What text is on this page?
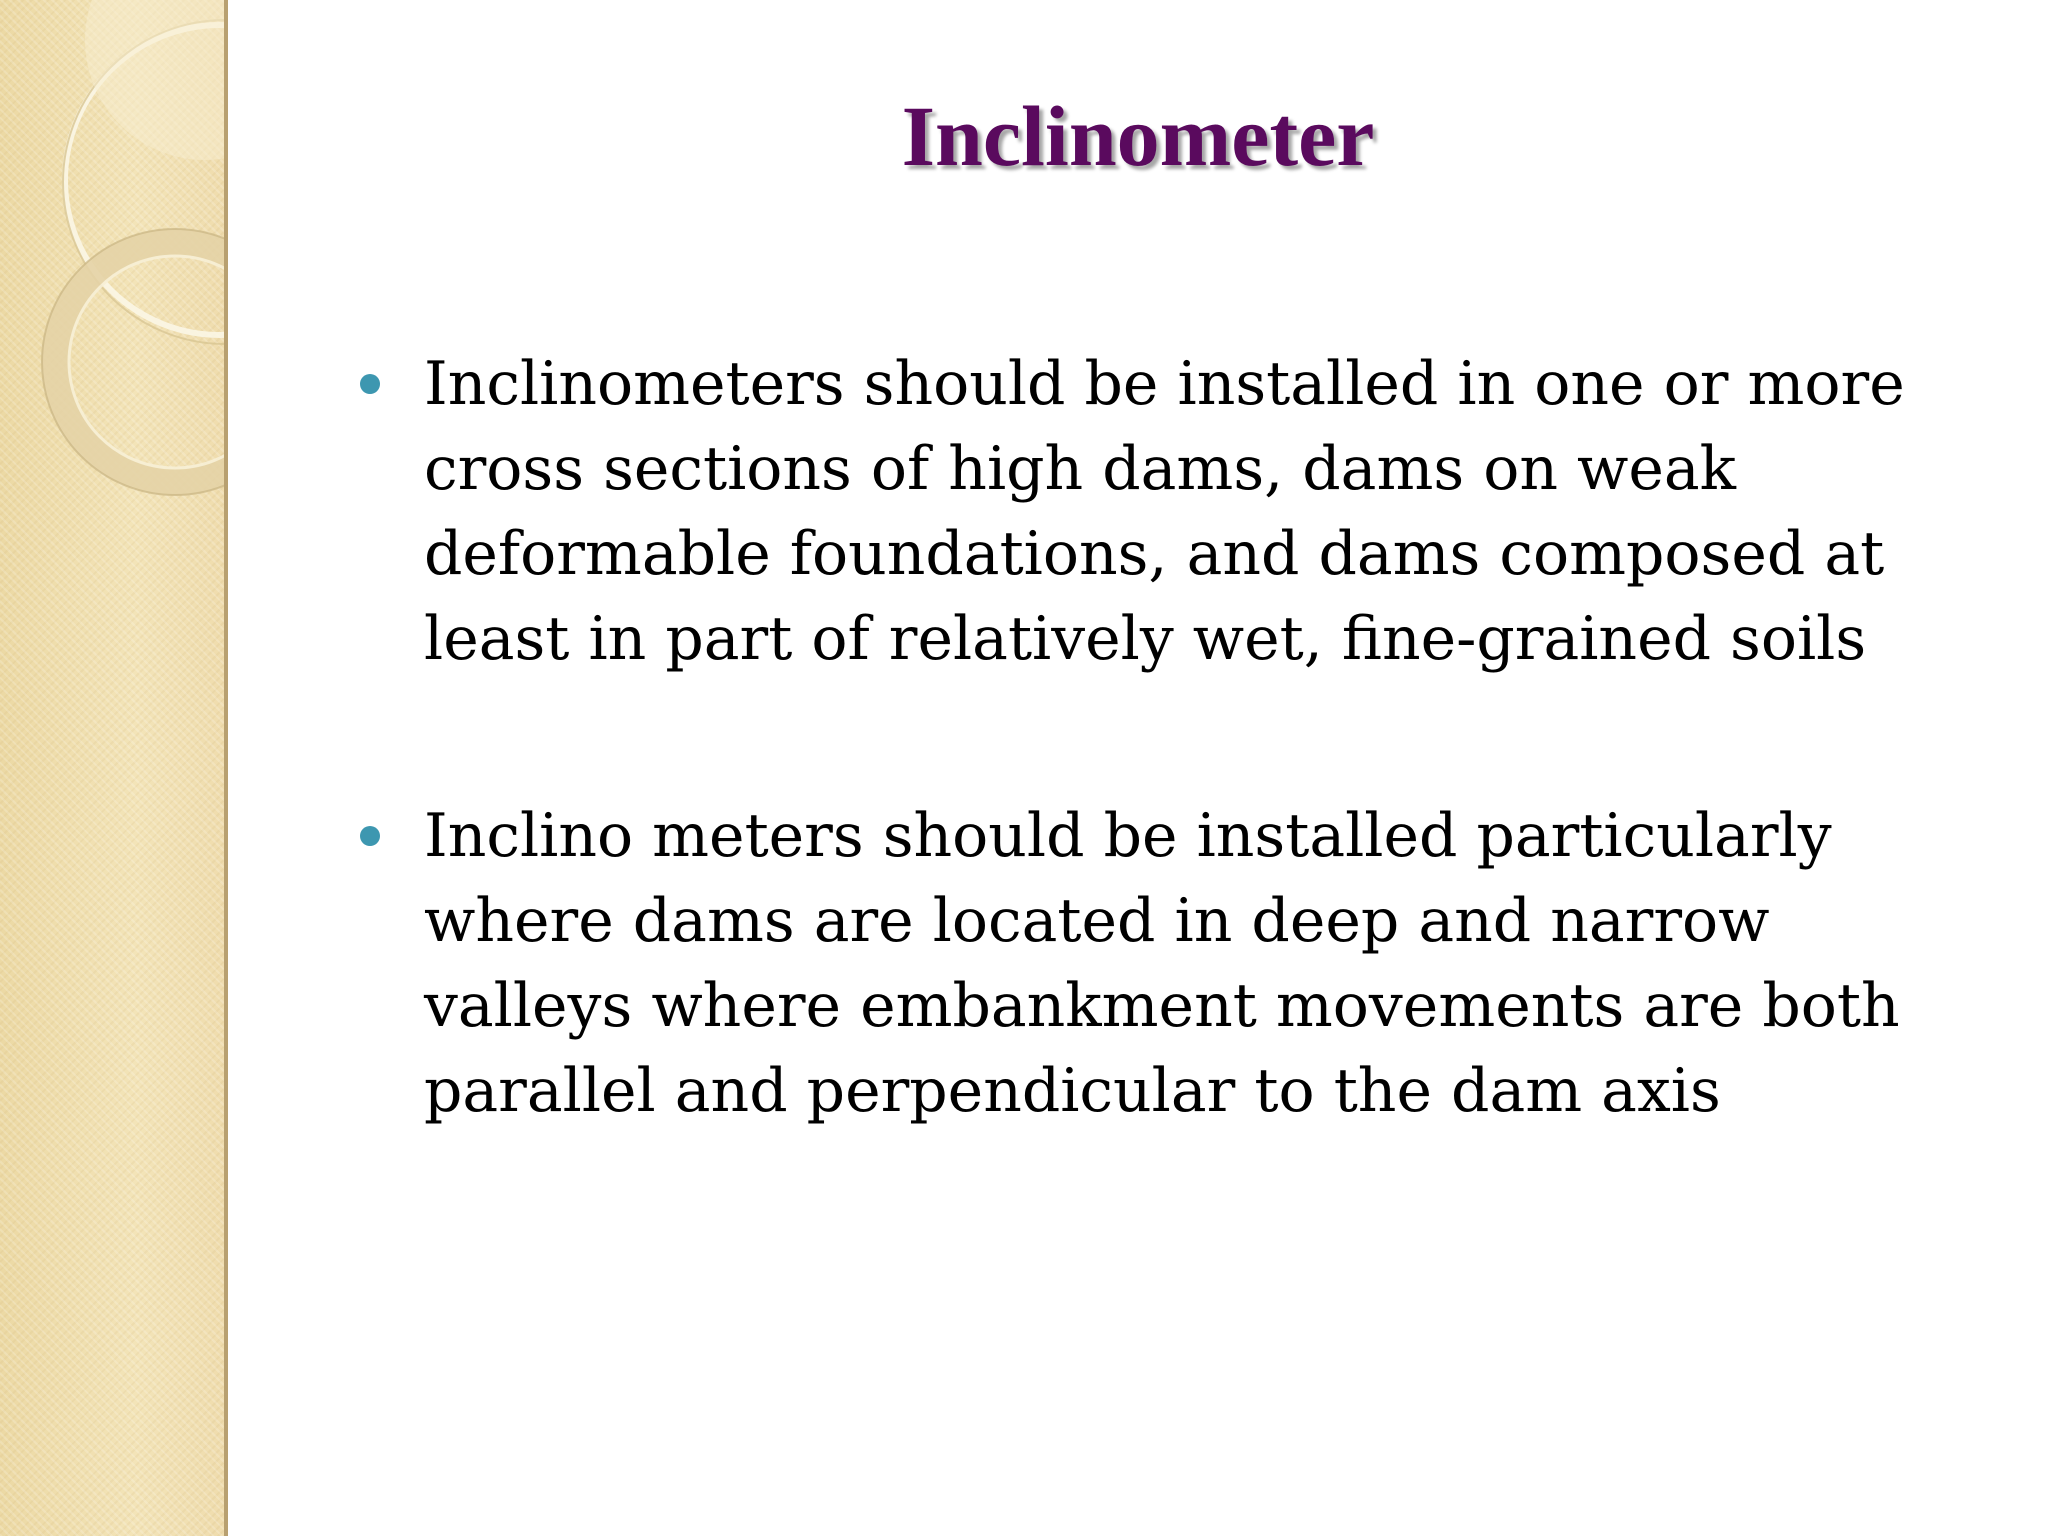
Inclinometer
Inclinometers should be installed in one or more cross sections of high dams, dams on weak deformable foundations, and dams composed at least in part of relatively wet, fine-grained soils
Inclino meters should be installed particularly where dams are located in deep and narrow valleys where embankment movements are both parallel and perpendicular to the dam axis
